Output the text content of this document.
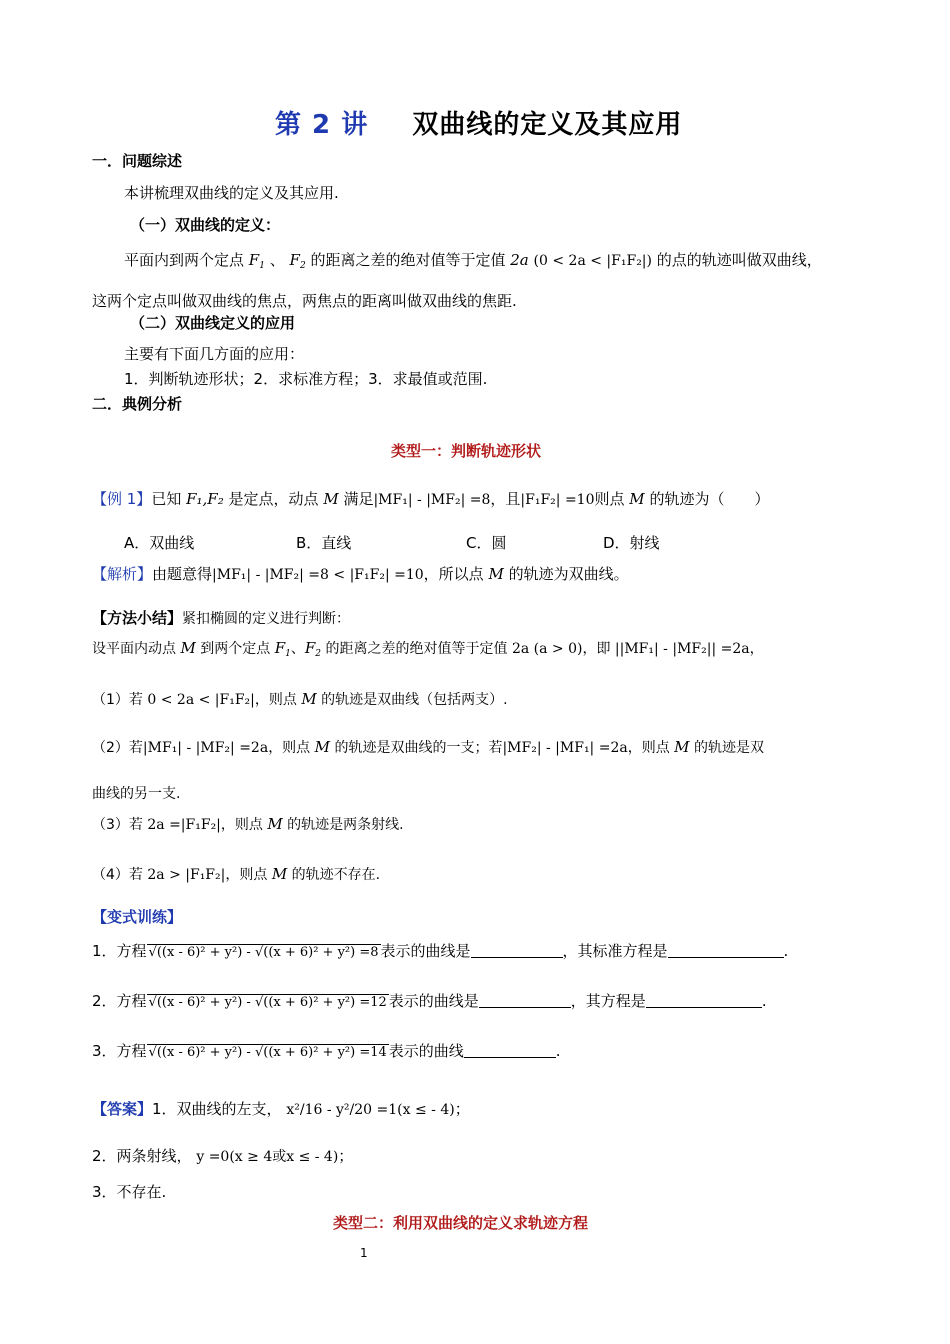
第 2 讲 双曲线的定义及其应用
一．问题综述
本讲梳理双曲线的定义及其应用.
（一）双曲线的定义：
平面内到两个定点 $F_1$ 、 $F_2$ 的距离之差的绝对值等于定值 2a (0 < 2a < |F₁F₂|) 的点的轨迹叫做双曲线，
这两个定点叫做双曲线的焦点，两焦点的距离叫做双曲线的焦距.
（二）双曲线定义的应用
主要有下面几方面的应用：
1．判断轨迹形状；2．求标准方程；3．求最值或范围.
二．典例分析
类型一：判断轨迹形状
【例 1】已知 F₁,F₂ 是定点，动点 M 满足|MF₁| - |MF₂| =8，且|F₁F₂| =10则点 M 的轨迹为（　　）
A．双曲线	B．直线	C．圆	D．射线
【解析】由题意得|MF₁| - |MF₂| =8 < |F₁F₂| =10，所以点 M 的轨迹为双曲线。
【方法小结】紧扣椭圆的定义进行判断：
设平面内动点 M 到两个定点 $F_1$、$F_2$ 的距离之差的绝对值等于定值 2a (a > 0)，即 ||MF₁| - |MF₂|| =2a，
（1）若 0 < 2a < |F₁F₂|，则点 M 的轨迹是双曲线（包括两支）.
（2）若|MF₁| - |MF₂| =2a，则点 M 的轨迹是双曲线的一支；若|MF₂| - |MF₁| =2a，则点 M 的轨迹是双
曲线的另一支.
（3）若 2a =|F₁F₂|，则点 M 的轨迹是两条射线.
（4）若 2a > |F₁F₂|，则点 M 的轨迹不存在.
【变式训练】
1．方程 √((x - 6)² + y²) - √((x + 6)² + y²) =8 表示的曲线是	，其标准方程是	.
2．方程 √((x - 6)² + y²) - √((x + 6)² + y²) =12 表示的曲线是	，其方程是	.
3．方程 √((x - 6)² + y²) - √((x + 6)² + y²) =14 表示的曲线	.
【答案】1．双曲线的左支， x²/16 - y²/20 =1(x ≤ - 4)；
2．两条射线， y =0(x ≥ 4或x ≤ - 4)；
3．不存在.
类型二：利用双曲线的定义求轨迹方程
1
